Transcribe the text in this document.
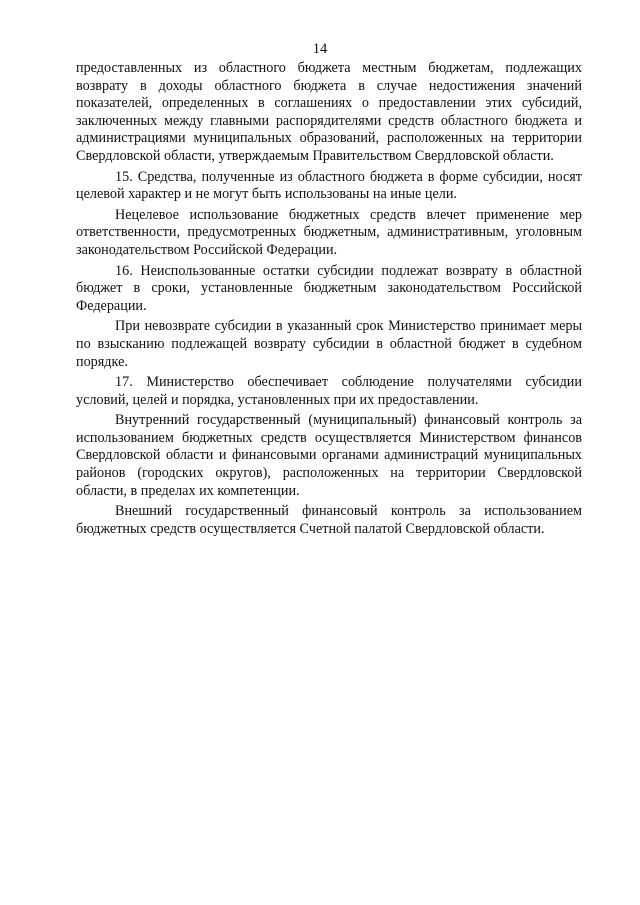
14

предоставленных из областного бюджета местным бюджетам, подлежащих возврату в доходы областного бюджета в случае недостижения значений показателей, определенных в соглашениях о предоставлении этих субсидий, заключенных между главными распорядителями средств областного бюджета и администрациями муниципальных образований, расположенных на территории Свердловской области, утверждаемым Правительством Свердловской области.

15. Средства, полученные из областного бюджета в форме субсидии, носят целевой характер и не могут быть использованы на иные цели.

Нецелевое использование бюджетных средств влечет применение мер ответственности, предусмотренных бюджетным, административным, уголовным законодательством Российской Федерации.

16. Неиспользованные остатки субсидии подлежат возврату в областной бюджет в сроки, установленные бюджетным законодательством Российской Федерации.

При невозврате субсидии в указанный срок Министерство принимает меры по взысканию подлежащей возврату субсидии в областной бюджет в судебном порядке.

17. Министерство обеспечивает соблюдение получателями субсидии условий, целей и порядка, установленных при их предоставлении.

Внутренний государственный (муниципальный) финансовый контроль за использованием бюджетных средств осуществляется Министерством финансов Свердловской области и финансовыми органами администраций муниципальных районов (городских округов), расположенных на территории Свердловской области, в пределах их компетенции.

Внешний государственный финансовый контроль за использованием бюджетных средств осуществляется Счетной палатой Свердловской области.
